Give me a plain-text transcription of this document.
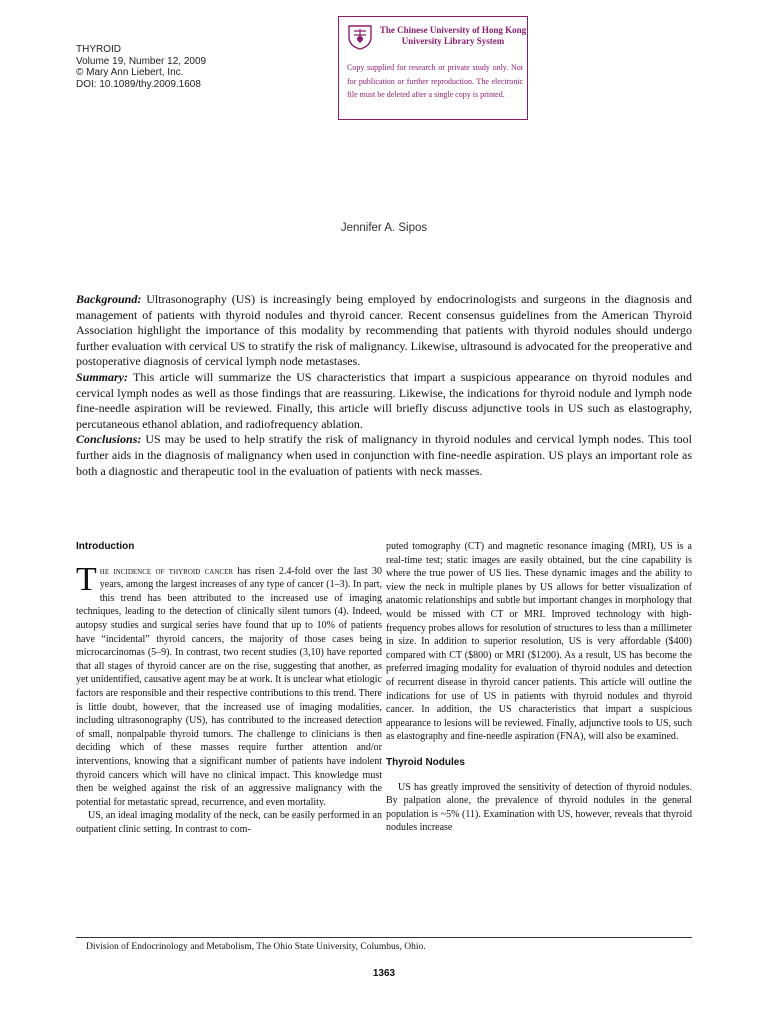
THYROID
Volume 19, Number 12, 2009
© Mary Ann Liebert, Inc.
DOI: 10.1089/thy.2009.1608
The Chinese University of Hong Kong
University Library System
Copy supplied for research or private study only. Not for publication or further reproduction. The electronic file must be deleted after a single copy is printed.
Jennifer A. Sipos

Background: Ultrasonography (US) is increasingly being employed by endocrinologists and surgeons in the diagnosis and management of patients with thyroid nodules and thyroid cancer. Recent consensus guidelines from the American Thyroid Association highlight the importance of this modality by recommending that patients with thyroid nodules should undergo further evaluation with cervical US to stratify the risk of malignancy. Likewise, ultrasound is advocated for the preoperative and postoperative diagnosis of cervical lymph node metastases.

Summary: This article will summarize the US characteristics that impart a suspicious appearance on thyroid nodules and cervical lymph nodes as well as those findings that are reassuring. Likewise, the indications for thyroid nodule and lymph node fine-needle aspiration will be reviewed. Finally, this article will briefly discuss adjunctive tools in US such as elastography, percutaneous ethanol ablation, and radiofrequency ablation.

Conclusions: US may be used to help stratify the risk of malignancy in thyroid nodules and cervical lymph nodes. This tool further aids in the diagnosis of malignancy when used in conjunction with fine-needle aspiration. US plays an important role as both a diagnostic and therapeutic tool in the evaluation of patients with neck masses.

Introduction

The incidence of thyroid cancer has risen 2.4-fold over the last 30 years, among the largest increases of any type of cancer (1–3). In part, this trend has been attributed to the increased use of imaging techniques, leading to the detection of clinically silent tumors (4). Indeed, autopsy studies and surgical series have found that up to 10% of patients have “incidental” thyroid cancers, the majority of those cases being microcarcinomas (5–9). In contrast, two recent studies (3,10) have reported that all stages of thyroid cancer are on the rise, suggesting that another, as yet unidentified, causative agent may be at work. It is unclear what etiologic factors are responsible and their respective contributions to this trend. There is little doubt, however, that the increased use of imaging modalities, including ultrasonography (US), has contributed to the increased detection of small, nonpalpable thyroid tumors. The challenge to clinicians is then deciding which of these masses require further attention and/or interventions, knowing that a significant number of patients have indolent thyroid cancers which will have no clinical impact. This knowledge must then be weighed against the risk of an aggressive malignancy with the potential for metastatic spread, recurrence, and even mortality.

US, an ideal imaging modality of the neck, can be easily performed in an outpatient clinic setting. In contrast to com-

puted tomography (CT) and magnetic resonance imaging (MRI), US is a real-time test; static images are easily obtained, but the cine capability is where the true power of US lies. These dynamic images and the ability to view the neck in multiple planes by US allows for better visualization of anatomic relationships and subtle but important changes in morphology that would be missed with CT or MRI. Improved technology with high-frequency probes allows for resolution of structures to less than a millimeter in size. In addition to superior resolution, US is very affordable ($400) compared with CT ($800) or MRI ($1200). As a result, US has become the preferred imaging modality for evaluation of thyroid nodules and detection of recurrent disease in thyroid cancer patients. This article will outline the indications for use of US in patients with thyroid nodules and thyroid cancer. In addition, the US characteristics that impart a suspicious appearance to lesions will be reviewed. Finally, adjunctive tools to US, such as elastography and fine-needle aspiration (FNA), will also be examined.

Thyroid Nodules

US has greatly improved the sensitivity of detection of thyroid nodules. By palpation alone, the prevalence of thyroid nodules in the general population is ~5% (11). Examination with US, however, reveals that thyroid nodules increase

Division of Endocrinology and Metabolism, The Ohio State University, Columbus, Ohio.
1363
